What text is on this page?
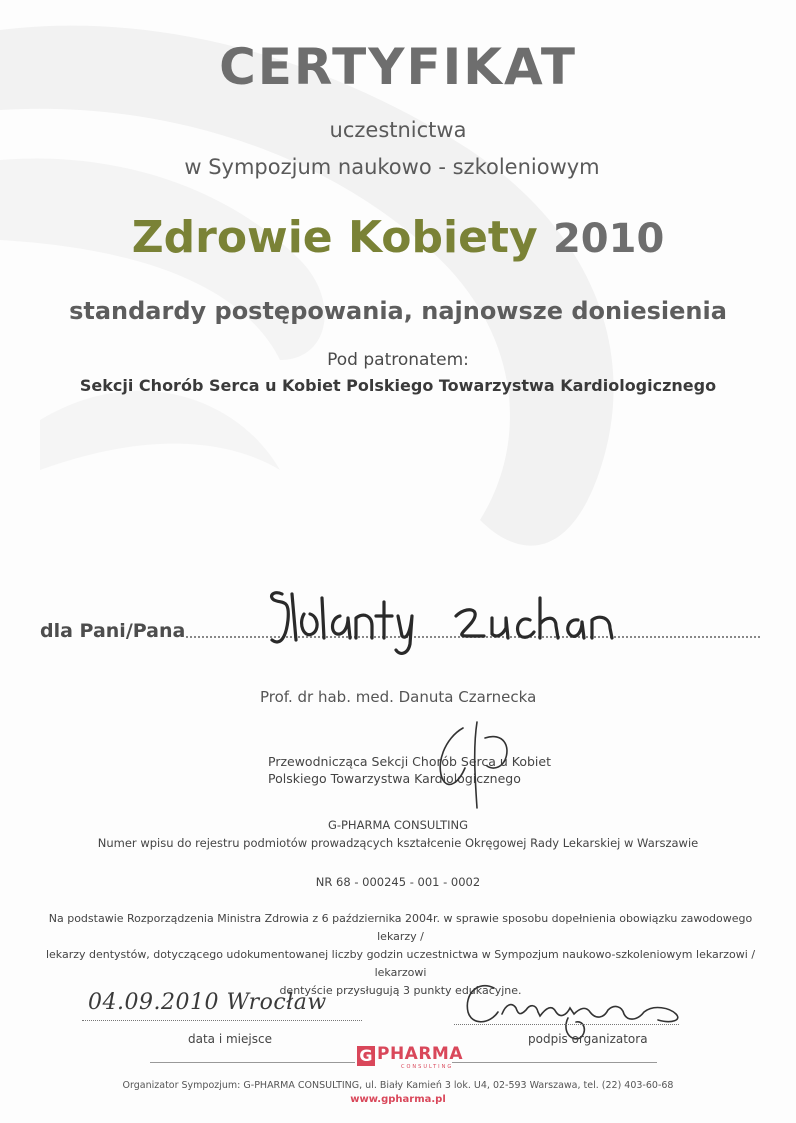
CERTYFIKAT
uczestnictwa
w Sympozjum naukowo - szkoleniowym
Zdrowie Kobiety 2010
standardy postępowania, najnowsze doniesienia
Pod patronatem:
Sekcji Chorób Serca u Kobiet Polskiego Towarzystwa Kardiologicznego
dla Pani/Pana
Prof. dr hab. med. Danuta Czarnecka
Przewodnicząca Sekcji Chorób Serca u Kobiet
Polskiego Towarzystwa Kardiologicznego
G-PHARMA CONSULTING
Numer wpisu do rejestru podmiotów prowadzących kształcenie Okręgowej Rady Lekarskiej w Warszawie
NR 68 - 000245 - 001 - 0002
Na podstawie Rozporządzenia Ministra Zdrowia z 6 października 2004r. w sprawie sposobu dopełnienia obowiązku zawodowego lekarzy /
lekarzy dentystów, dotyczącego udokumentowanej liczby godzin uczestnictwa w Sympozjum naukowo-szkoleniowym lekarzowi / lekarzowi
dentyście przysługują 3 punkty edukacyjne.
04.09.2010 Wrocław
data i miejsce	podpis organizatora
G PHARMA
CONSULTING
Organizator Sympozjum: G-PHARMA CONSULTING, ul. Biały Kamień 3 lok. U4, 02-593 Warszawa, tel. (22) 403-60-68
www.gpharma.pl
